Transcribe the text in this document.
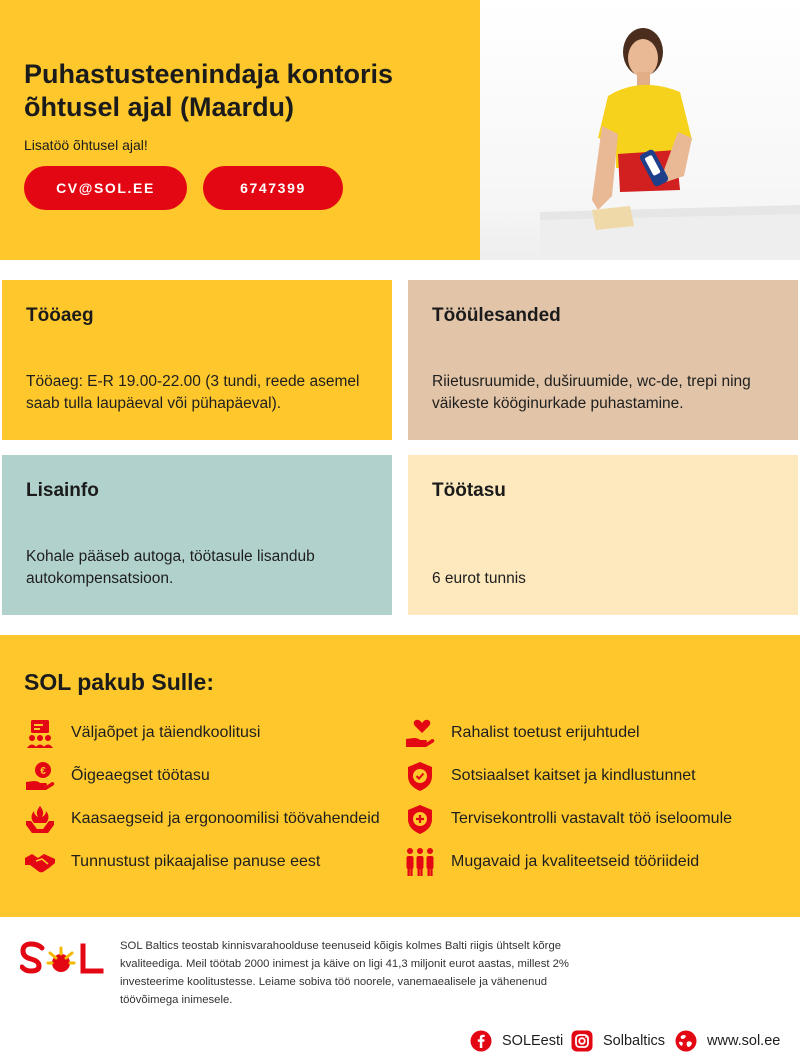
Puhastusteenindaja kontoris õhtusel ajal (Maardu)
Lisatöö õhtusel ajal!
CV@SOL.EE	6747399
Tööaeg

Tööaeg: E-R 19.00-22.00 (3 tundi, reede asemel saab tulla laupäeval või pühapäeval).

Tööülesanded

Riietusruumide, duširuumide, wc-de, trepi ning väikeste kööginurkade puhastamine.

Lisainfo

Kohale pääseb autoga, töötasule lisandub autokompensatsioon.

Töötasu

6 eurot tunnis

SOL pakub Sulle:
Väljaõpet ja täiendkoolitusi
€ Õigeaegset töötasu
Kaasaegseid ja ergonoomilisi töövahendeid
Tunnustust pikaajalise panuse eest
Rahalist toetust erijuhtudel
Sotsiaalset kaitset ja kindlustunnet
Tervisekontrolli vastavalt töö iseloomule
Mugavaid ja kvaliteetseid tööriideid
SOL Baltics teostab kinnisvarahoolduse teenuseid kõigis kolmes Balti riigis ühtselt kõrge kvaliteediga. Meil töötab 2000 inimest ja käive on ligi 41,3 miljonit eurot aastas, millest 2% investeerime koolitustesse. Leiame sobiva töö noorele, vanemaealisele ja vähenenud töövõimega inimesele.
SOLEesti	Solbaltics	www.sol.ee
